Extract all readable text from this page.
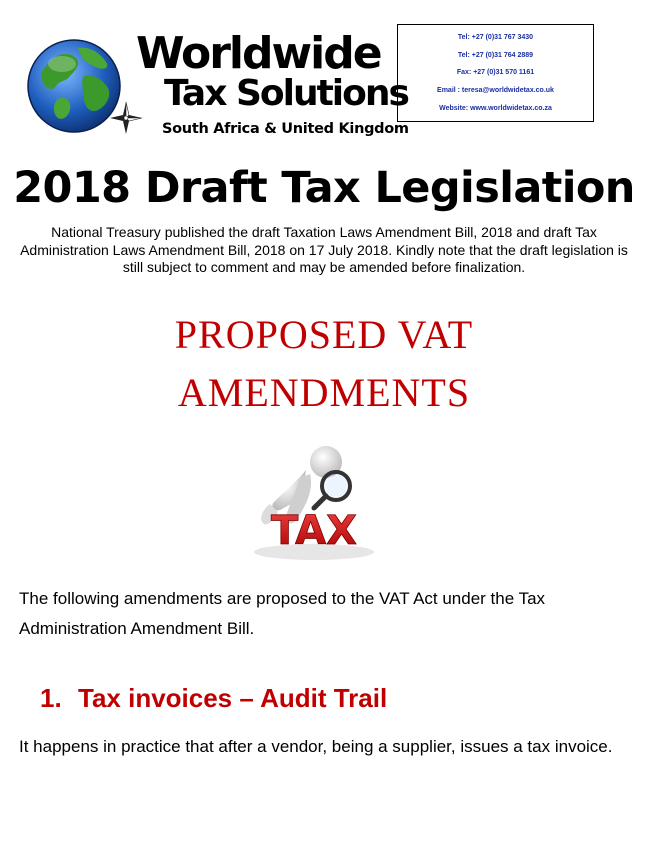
Worldwide
Tax Solutions
South Africa & United Kingdom
Tel: +27 (0)31 767 3430
Tel: +27 (0)31 764 2889
Fax: +27 (0)31 570 1161
Email : teresa@worldwidetax.co.uk
Website: www.worldwidetax.co.za
2018 Draft Tax Legislation
National Treasury published the draft Taxation Laws Amendment Bill, 2018 and draft Tax Administration Laws Amendment Bill, 2018 on 17 July 2018. Kindly note that the draft legislation is still subject to comment and may be amended before finalization.
PROPOSED VAT
AMENDMENTS
TAX
The following amendments are proposed to the VAT Act under the Tax Administration Amendment Bill.
1. Tax invoices – Audit Trail
It happens in practice that after a vendor, being a supplier, issues a tax invoice.
